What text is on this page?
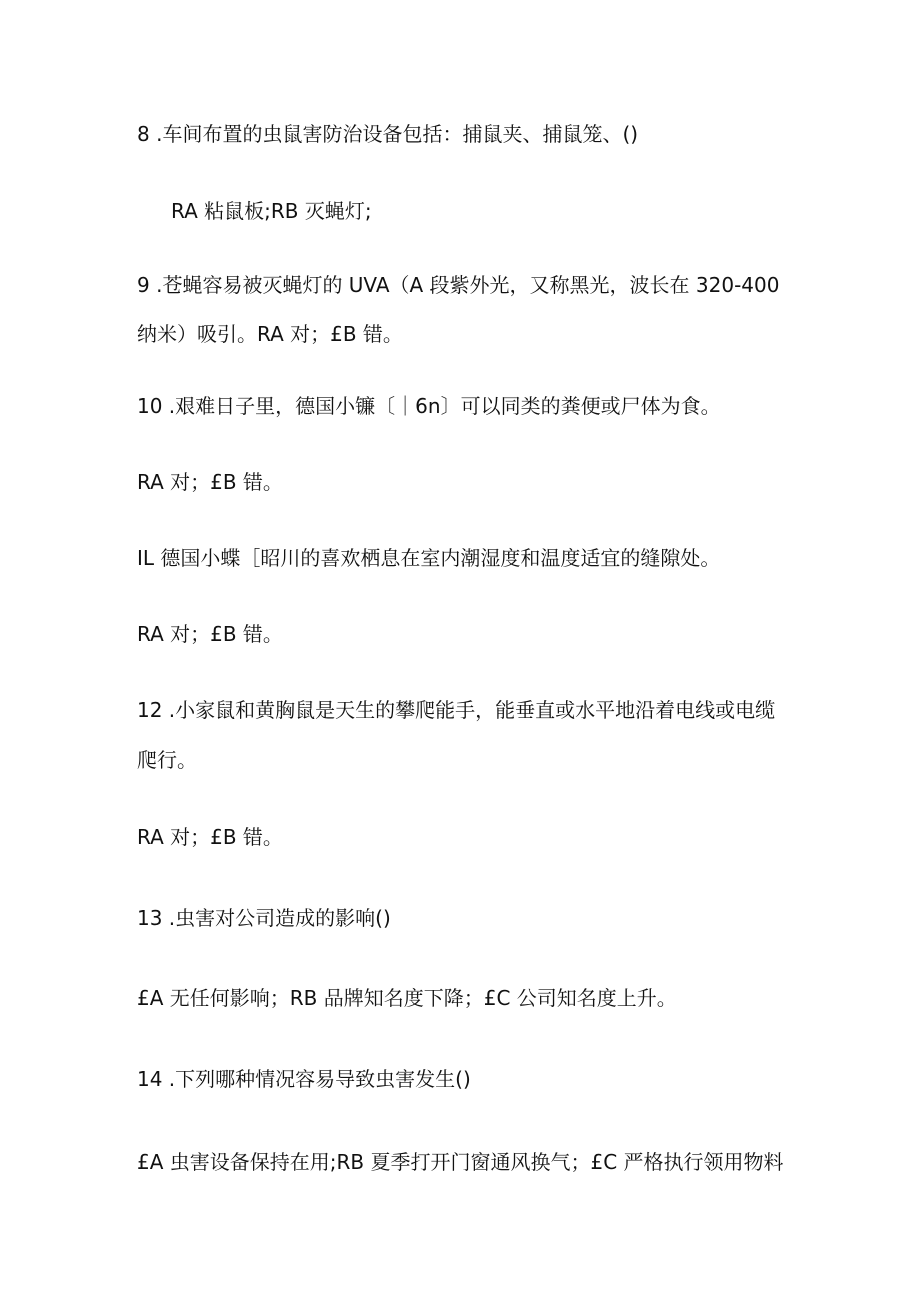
8 .车间布置的虫鼠害防治设备包括：捕鼠夹、捕鼠笼、()
RA 粘鼠板;RB 灭蝇灯;
9 .苍蝇容易被灭蝇灯的 UVA（A 段紫外光，又称黑光，波长在 320-400
纳米）吸引。RA 对；£B 错。
10 .艰难日子里，德国小镰〔｜6n〕可以同类的粪便或尸体为食。
RA 对；£B 错。
IL 德国小蝶［昭川的喜欢栖息在室内潮湿度和温度适宜的缝隙处。
RA 对；£B 错。
12 .小家鼠和黄胸鼠是天生的攀爬能手，能垂直或水平地沿着电线或电缆
爬行。
RA 对；£B 错。
13 .虫害对公司造成的影响()
£A 无任何影响；RB 品牌知名度下降；£C 公司知名度上升。
14 .下列哪种情况容易导致虫害发生()
£A 虫害设备保持在用;RB 夏季打开门窗通风换气；£C 严格执行领用物料
